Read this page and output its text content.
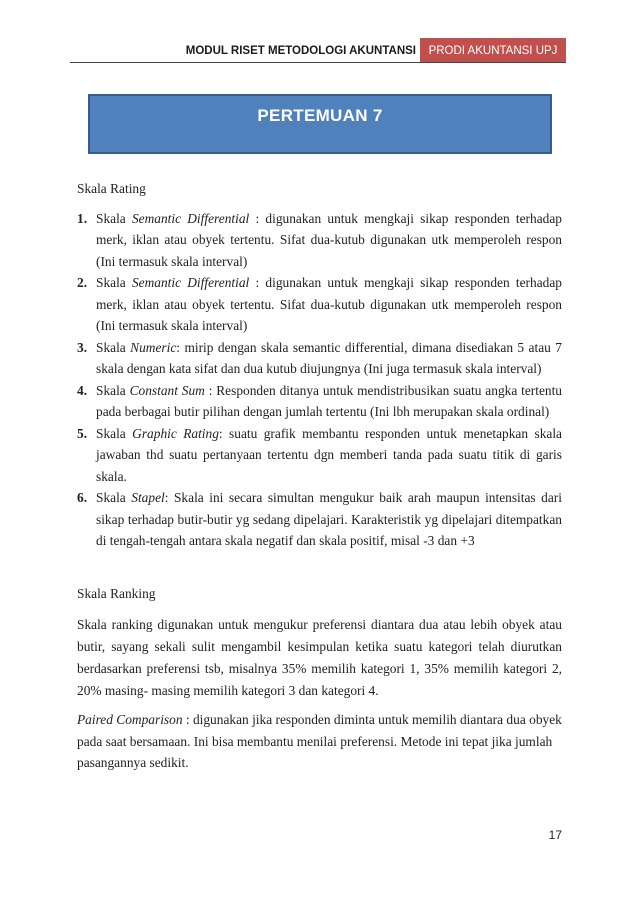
MODUL RISET METODOLOGI AKUNTANSI	PRODI AKUNTANSI UPJ
PERTEMUAN 7

Skala Rating

1. Skala Semantic Differential : digunakan untuk mengkaji sikap responden terhadap merk, iklan atau obyek tertentu. Sifat dua-kutub digunakan utk memperoleh respon (Ini termasuk skala interval)
2. Skala Semantic Differential : digunakan untuk mengkaji sikap responden terhadap merk, iklan atau obyek tertentu. Sifat dua-kutub digunakan utk memperoleh respon (Ini termasuk skala interval)
3. Skala Numeric: mirip dengan skala semantic differential, dimana disediakan 5 atau 7 skala dengan kata sifat dan dua kutub diujungnya (Ini juga termasuk skala interval)
4. Skala Constant Sum : Responden ditanya untuk mendistribusikan suatu angka tertentu pada berbagai butir pilihan dengan jumlah tertentu (Ini lbh merupakan skala ordinal)
5. Skala Graphic Rating: suatu grafik membantu responden untuk menetapkan skala jawaban thd suatu pertanyaan tertentu dgn memberi tanda pada suatu titik di garis skala.
6. Skala Stapel: Skala ini secara simultan mengukur baik arah maupun intensitas dari sikap terhadap butir-butir yg sedang dipelajari. Karakteristik yg dipelajari ditempatkan di tengah-tengah antara skala negatif dan skala positif, misal -3 dan +3

Skala Ranking

Skala ranking digunakan untuk mengukur preferensi diantara dua atau lebih obyek atau butir, sayang sekali sulit mengambil kesimpulan ketika suatu kategori telah diurutkan berdasarkan preferensi tsb, misalnya 35% memilih kategori 1, 35% memilih kategori 2, 20% masing- masing memilih kategori 3 dan kategori 4.

Paired Comparison : digunakan jika responden diminta untuk memilih diantara dua obyek pada saat bersamaan. Ini bisa membantu menilai preferensi. Metode ini tepat jika jumlah pasangannya sedikit.

17
